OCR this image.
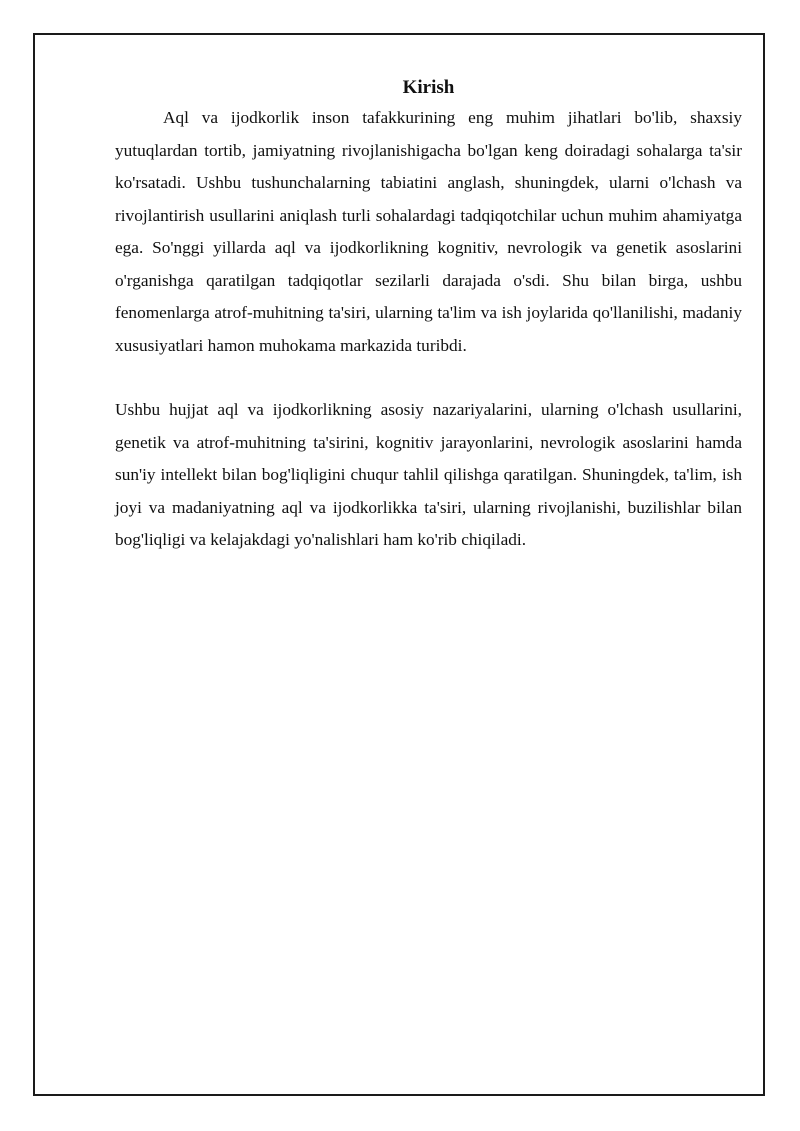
Kirish

Aql va ijodkorlik inson tafakkurining eng muhim jihatlari bo'lib, shaxsiy yutuqlardan tortib, jamiyatning rivojlanishigacha bo'lgan keng doiradagi sohalarga ta'sir ko'rsatadi. Ushbu tushunchalarning tabiatini anglash, shuningdek, ularni o'lchash va rivojlantirish usullarini aniqlash turli sohalardagi tadqiqotchilar uchun muhim ahamiyatga ega. So'nggi yillarda aql va ijodkorlikning kognitiv, nevrologik va genetik asoslarini o'rganishga qaratilgan tadqiqotlar sezilarli darajada o'sdi. Shu bilan birga, ushbu fenomenlarga atrof-muhitning ta'siri, ularning ta'lim va ish joylarida qo'llanilishi, madaniy xususiyatlari hamon muhokama markazida turibdi.

Ushbu hujjat aql va ijodkorlikning asosiy nazariyalarini, ularning o'lchash usullarini, genetik va atrof-muhitning ta'sirini, kognitiv jarayonlarini, nevrologik asoslarini hamda sun'iy intellekt bilan bog'liqligini chuqur tahlil qilishga qaratilgan. Shuningdek, ta'lim, ish joyi va madaniyatning aql va ijodkorlikka ta'siri, ularning rivojlanishi, buzilishlar bilan bog'liqligi va kelajakdagi yo'nalishlari ham ko'rib chiqiladi.
